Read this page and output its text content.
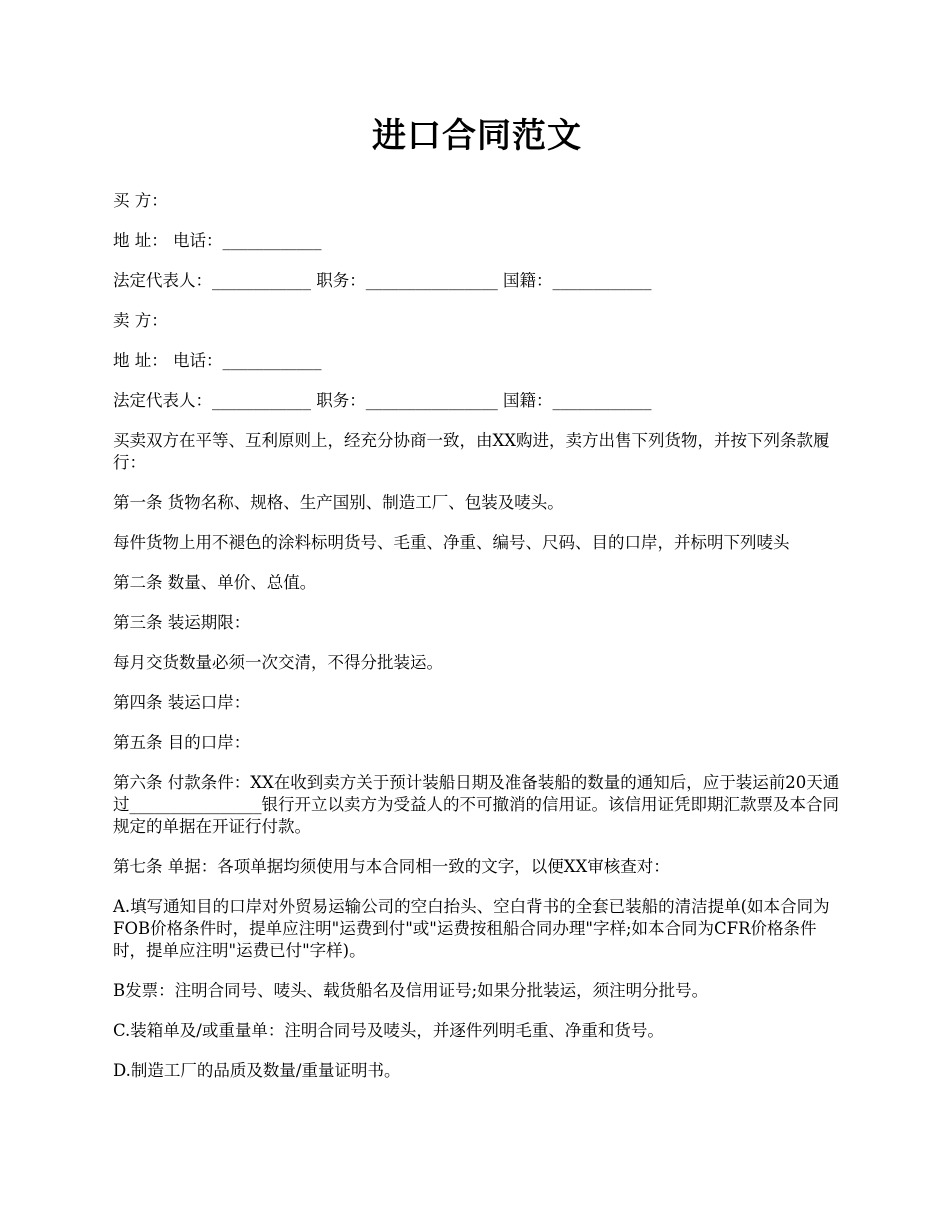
进口合同范文

买 方：

地 址： 电话：____________

法定代表人：____________ 职务：________________ 国籍：____________

卖 方：

地 址： 电话：____________

法定代表人：____________ 职务：________________ 国籍：____________

买卖双方在平等、互利原则上，经充分协商一致，由XX购进，卖方出售下列货物，并按下列条款履行：

第一条 货物名称、规格、生产国别、制造工厂、包装及唛头。

每件货物上用不褪色的涂料标明货号、毛重、净重、编号、尺码、目的口岸，并标明下列唛头

第二条 数量、单价、总值。

第三条 装运期限：

每月交货数量必须一次交清，不得分批装运。

第四条 装运口岸：

第五条 目的口岸：

第六条 付款条件：XX在收到卖方关于预计装船日期及准备装船的数量的通知后，应于装运前20天通过________________银行开立以卖方为受益人的不可撤消的信用证。该信用证凭即期汇款票及本合同规定的单据在开证行付款。

第七条 单据：各项单据均须使用与本合同相一致的文字，以便XX审核查对：

A.填写通知目的口岸对外贸易运输公司的空白抬头、空白背书的全套已装船的清洁提单(如本合同为FOB价格条件时，提单应注明"运费到付"或"运费按租船合同办理"字样;如本合同为CFR价格条件时，提单应注明"运费已付"字样)。

B发票：注明合同号、唛头、载货船名及信用证号;如果分批装运，须注明分批号。

C.装箱单及/或重量单：注明合同号及唛头，并逐件列明毛重、净重和货号。

D.制造工厂的品质及数量/重量证明书。
